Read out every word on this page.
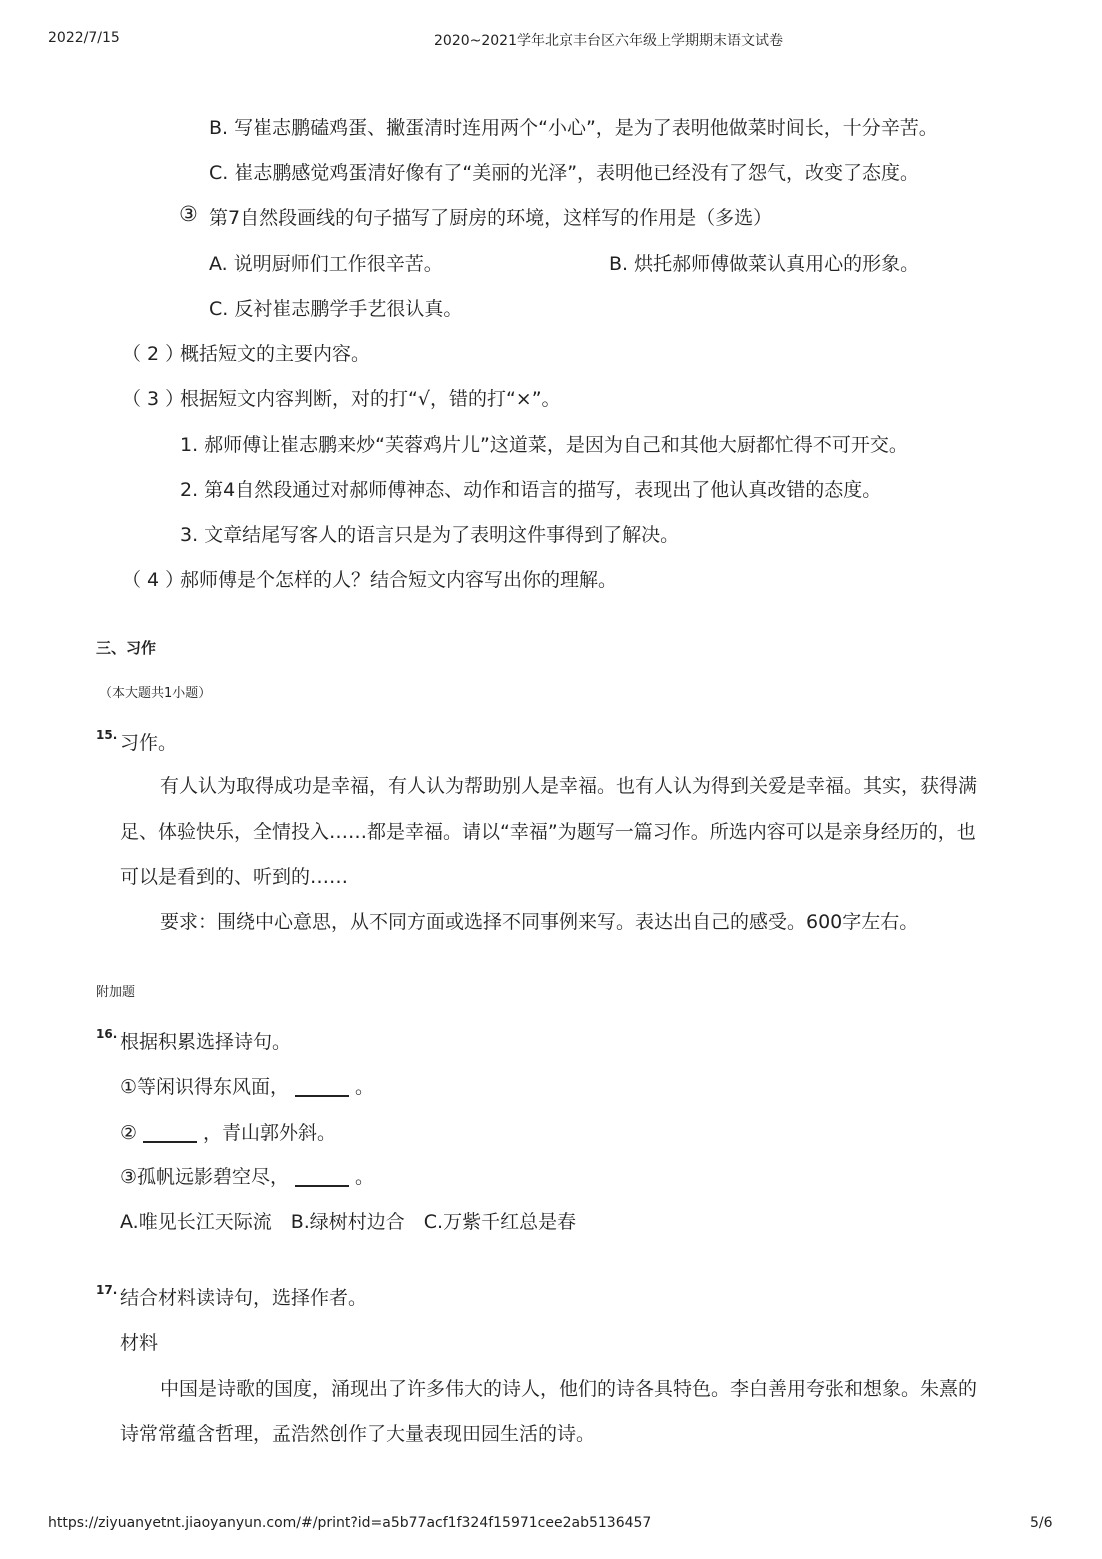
2022/7/15	2020~2021学年北京丰台区六年级上学期期末语文试卷
B. 写崔志鹏磕鸡蛋、撇蛋清时连用两个“小心”，是为了表明他做菜时间长，十分辛苦。
C. 崔志鹏感觉鸡蛋清好像有了“美丽的光泽”，表明他已经没有了怨气，改变了态度。
③ 第7自然段画线的句子描写了厨房的环境，这样写的作用是（多选）
A. 说明厨师们工作很辛苦。	B. 烘托郝师傅做菜认真用心的形象。
C. 反衬崔志鹏学手艺很认真。
（ 2 ）
概括短文的主要内容。
（ 3 ）
根据短文内容判断，对的打“√，错的打“×”。
1. 郝师傅让崔志鹏来炒“芙蓉鸡片儿”这道菜，是因为自己和其他大厨都忙得不可开交。
2. 第4自然段通过对郝师傅神态、动作和语言的描写，表现出了他认真改错的态度。
3. 文章结尾写客人的语言只是为了表明这件事得到了解决。
（ 4 ）
郝师傅是个怎样的人？结合短文内容写出你的理解。
三、习作
（本大题共1小题）
15. 习作。
有人认为取得成功是幸福，有人认为帮助别人是幸福。也有人认为得到关爱是幸福。其实，获得满
足、体验快乐，全情投入……都是幸福。请以“幸福”为题写一篇习作。所选内容可以是亲身经历的，也
可以是看到的、听到的……
要求：围绕中心意思，从不同方面或选择不同事例来写。表达出自己的感受。600字左右。
附加题
16. 根据积累选择诗句。
①等闲识得东风面，	。
②	，青山郭外斜。
③孤帆远影碧空尽，	。
A.唯见长江天际流　B.绿树村边合　C.万紫千红总是春
17. 结合材料读诗句，选择作者。
材料
中国是诗歌的国度，涌现出了许多伟大的诗人，他们的诗各具特色。李白善用夸张和想象。朱熹的
诗常常蕴含哲理，孟浩然创作了大量表现田园生活的诗。
https://ziyuanyetnt.jiaoyanyun.com/#/print?id=a5b77acf1f324f15971cee2ab5136457	5/6
